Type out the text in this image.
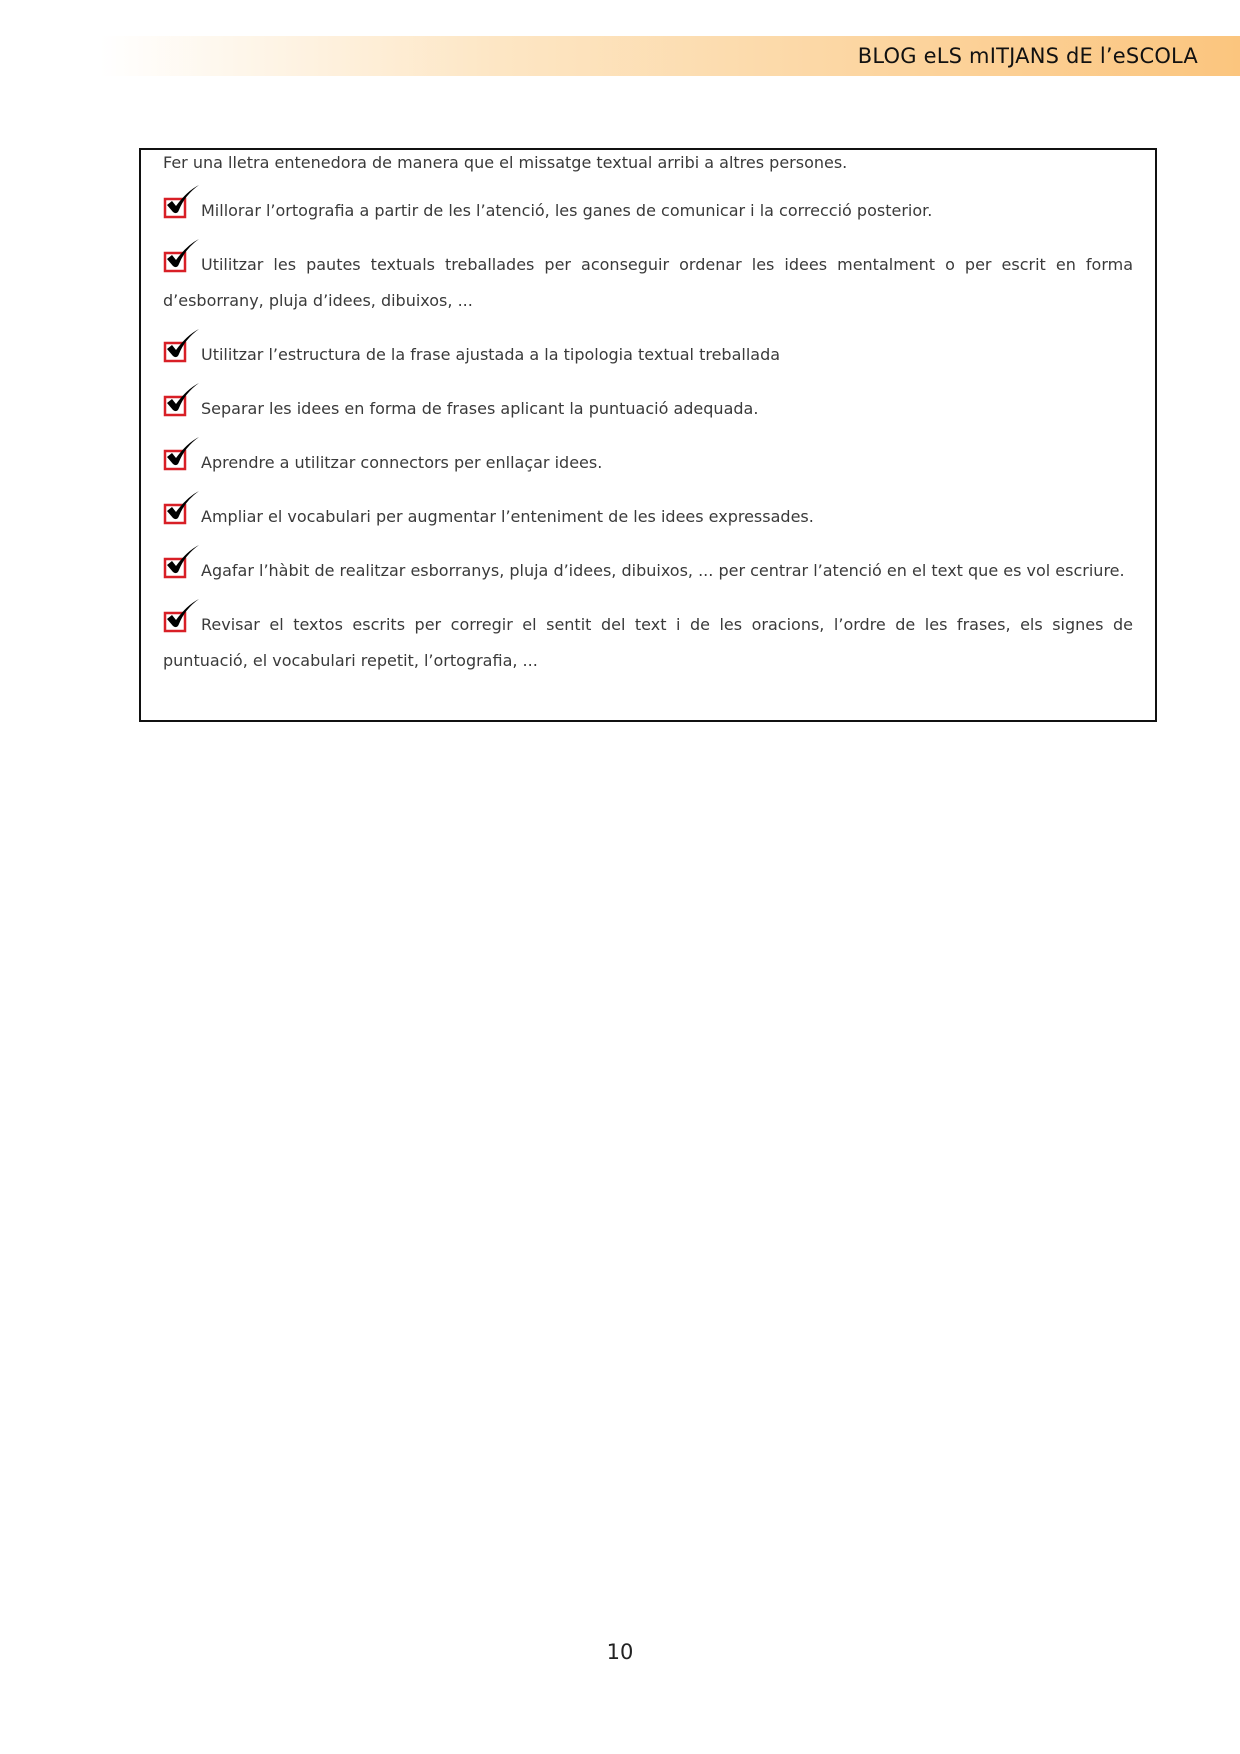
BLOG eLS mITJANS dE l’eSCOLA
Fer una lletra entenedora de manera que el missatge textual arribi a altres persones.
Millorar l’ortografia a partir de les l’atenció, les ganes de comunicar i la correcció posterior.
Utilitzar les pautes textuals treballades per aconseguir ordenar les idees mentalment o per escrit en forma d’esborrany, pluja d’idees, dibuixos, ...
Utilitzar l’estructura de la frase ajustada a la tipologia textual treballada
Separar les idees en forma de frases aplicant la puntuació adequada.
Aprendre a utilitzar connectors per enllaçar idees.
Ampliar el vocabulari per augmentar l’enteniment de les idees expressades.
Agafar l’hàbit de realitzar esborranys, pluja d’idees, dibuixos, ... per centrar l’atenció en el text que es vol escriure.
Revisar el textos escrits per corregir el sentit del text i de les oracions, l’ordre de les frases, els signes de puntuació, el vocabulari repetit, l’ortografia, ...
10
